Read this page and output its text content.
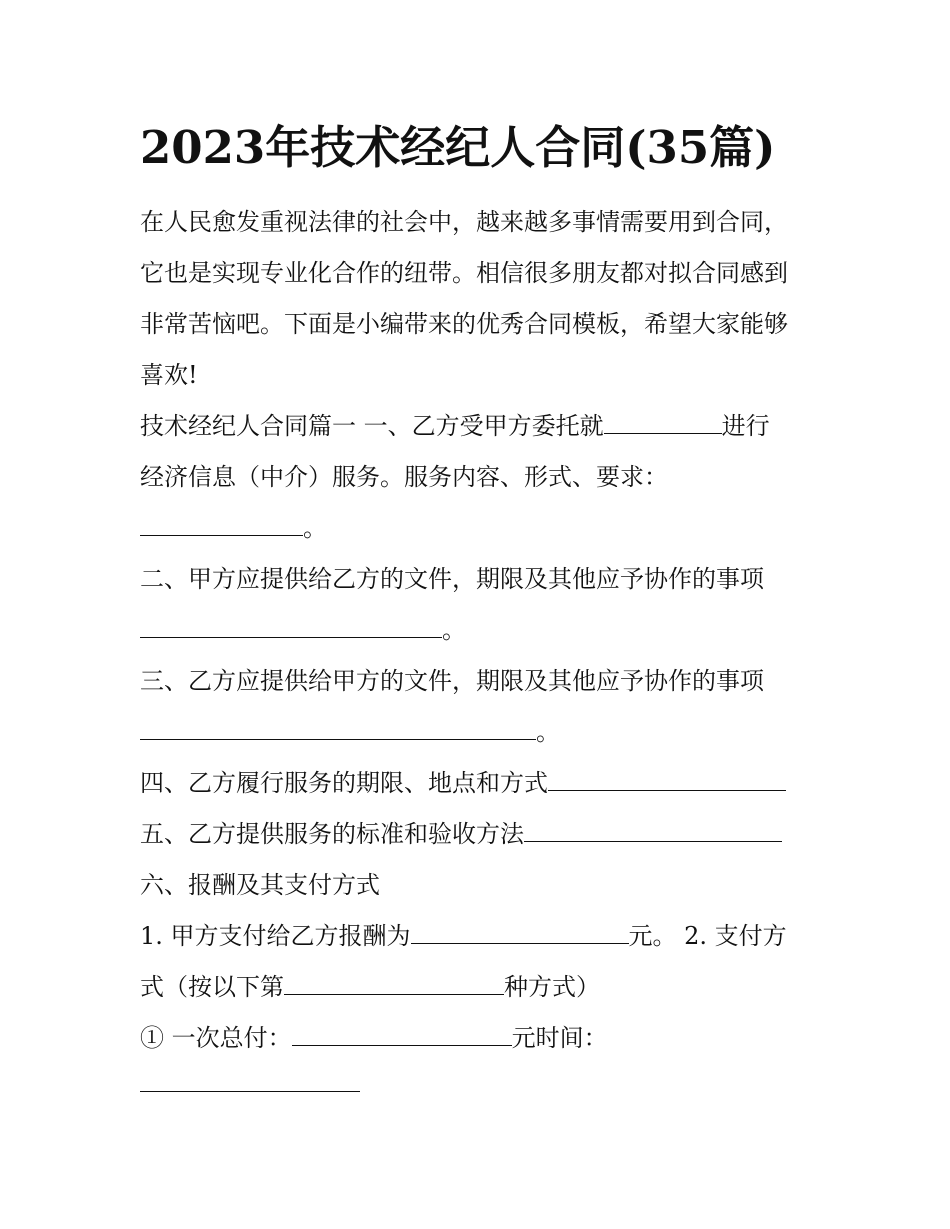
2023年技术经纪人合同(35篇)
在人民愈发重视法律的社会中，越来越多事情需要用到合同，
它也是实现专业化合作的纽带。相信很多朋友都对拟合同感到
非常苦恼吧。下面是小编带来的优秀合同模板，希望大家能够
喜欢!
技术经纪人合同篇一 一、乙方受甲方委托就	进行
经济信息（中介）服务。服务内容、形式、要求：
。
二、甲方应提供给乙方的文件，期限及其他应予协作的事项
。
三、乙方应提供给甲方的文件，期限及其他应予协作的事项
。
四、乙方履行服务的期限、地点和方式
五、乙方提供服务的标准和验收方法
六、报酬及其支付方式
1. 甲方支付给乙方报酬为	元。 2. 支付方
式（按以下第	种方式）
① 一次总付：	元时间：
